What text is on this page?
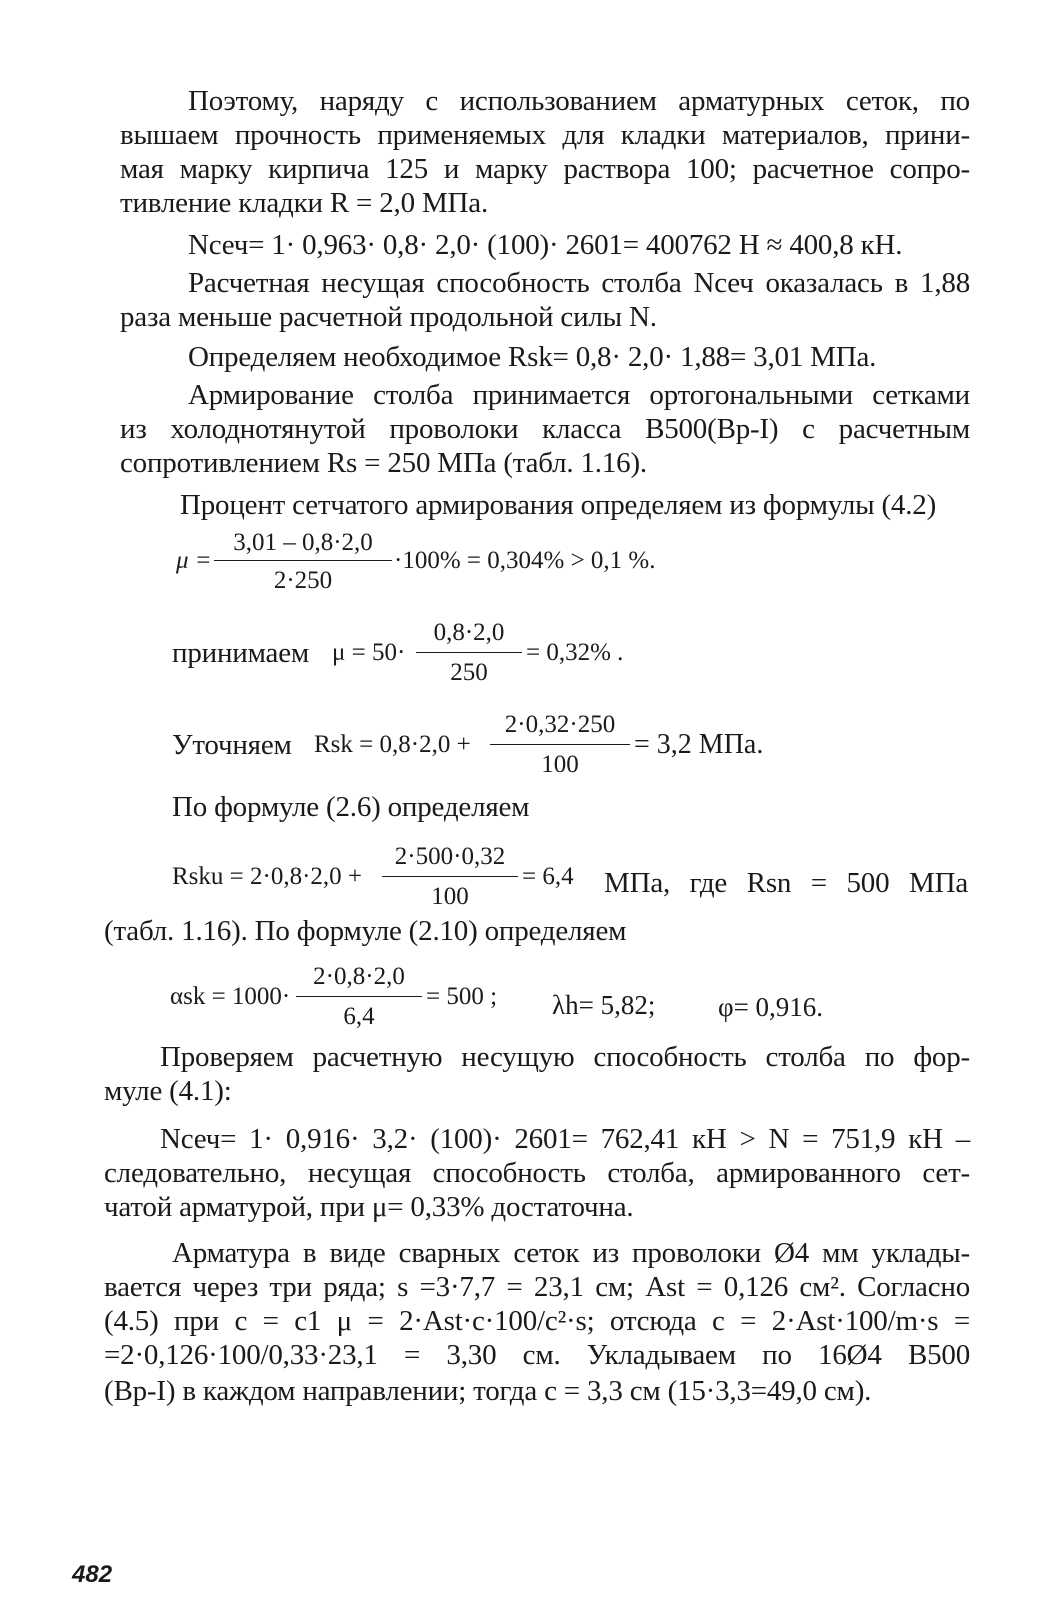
Поэтому, наряду с использованием арматурных сеток, по
вышаем прочность применяемых для кладки материалов, прини-
мая марку кирпича 125 и марку раствора 100; расчетное сопро-
тивление кладки R = 2,0 МПа.
Nсеч= 1· 0,963· 0,8· 2,0· (100)· 2601= 400762 Н ≈ 400,8 кН.
Расчетная несущая способность столба Nсеч оказалась в 1,88
раза меньше расчетной продольной силы N.
Определяем необходимое Rsk= 0,8· 2,0· 1,88= 3,01 МПа.
Армирование столба принимается ортогональными сетками
из холоднотянутой проволоки класса В500(Вр-I) с расчетным
сопротивлением Rs = 250 МПа (табл. 1.16).
Процент сетчатого армирования определяем из формулы (4.2)
μ =
3,01 – 0,8·2,0
2·250
·100% = 0,304% > 0,1 %.
принимаем μ = 50·
0,8·2,0
250
= 0,32% .
Уточняем Rsk = 0,8·2,0 +
2·0,32·250
100
= 3,2 МПа.
По формуле (2.6) определяем
Rsku = 2·0,8·2,0 +
2·500·0,32
100
= 6,4 МПа, где Rsn = 500 МПа
(табл. 1.16). По формуле (2.10) определяем
αsk = 1000·
2·0,8·2,0
6,4
= 500 ; λh= 5,82; φ= 0,916.
Проверяем расчетную несущую способность столба по фор-
муле (4.1):
Nсеч= 1· 0,916· 3,2· (100)· 2601= 762,41 кН > N = 751,9 кН –
следовательно, несущая способность столба, армированного сет-
чатой арматурой, при μ= 0,33% достаточна.
Арматура в виде сварных сеток из проволоки Ø4 мм уклады-
вается через три ряда; s =3·7,7 = 23,1 см; Ast = 0,126 см². Согласно
(4.5) при c = c1 μ = 2·Ast·c·100/c²·s; отсюда c = 2·Ast·100/m·s =
=2·0,126·100/0,33·23,1 = 3,30 см. Укладываем по 16Ø4 В500
(Вр-I) в каждом направлении; тогда c = 3,3 см (15·3,3=49,0 см).
482
